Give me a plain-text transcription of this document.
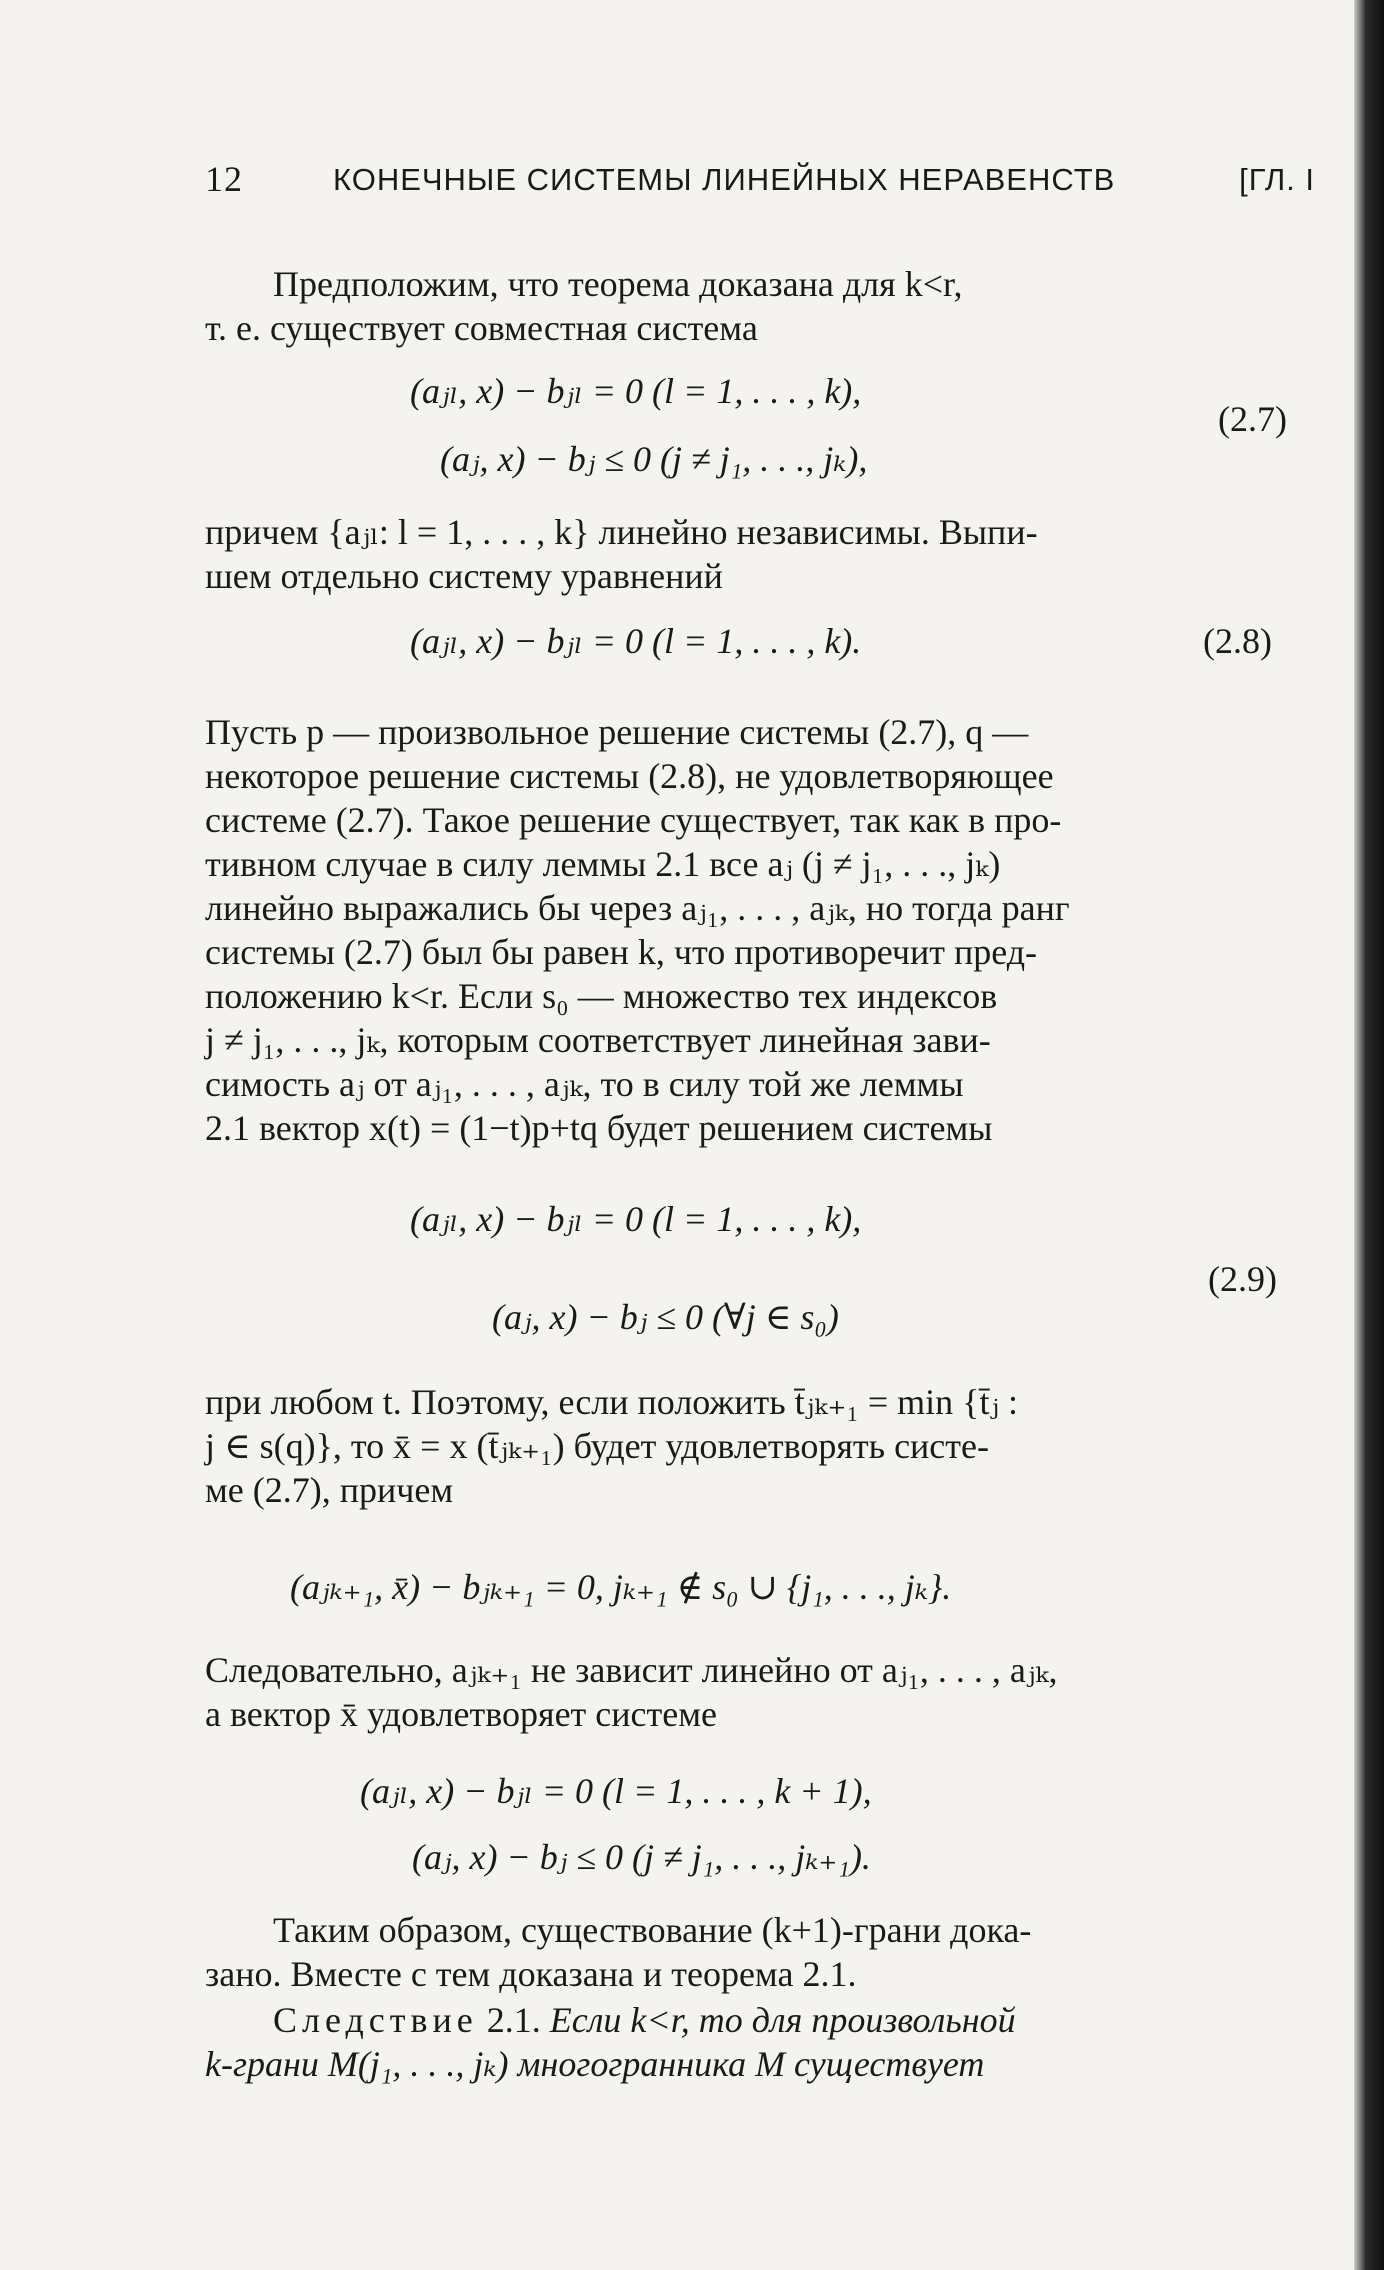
12	КОНЕЧНЫЕ СИСТЕМЫ ЛИНЕЙНЫХ НЕРАВЕНСТВ	[ГЛ. I
Предположим, что теорема доказана для k<r,
т. е. существует совместная система
(aⱼₗ, x) − bⱼₗ = 0 (l = 1, . . . , k),
(aⱼ, x) − bⱼ ≤ 0 (j ≠ j₁, . . ., jₖ),
(2.7)
причем {aⱼₗ: l = 1, . . . , k} линейно независимы. Выпи-
шем отдельно систему уравнений
(aⱼₗ, x) − bⱼₗ = 0 (l = 1, . . . , k).	(2.8)
Пусть p — произвольное решение системы (2.7), q —
некоторое решение системы (2.8), не удовлетворяющее
системе (2.7). Такое решение существует, так как в про-
тивном случае в силу леммы 2.1 все aⱼ (j ≠ j₁, . . ., jₖ)
линейно выражались бы через aⱼ₁, . . . , aⱼₖ, но тогда ранг
системы (2.7) был бы равен k, что противоречит пред-
положению k<r. Если s₀ — множество тех индексов
j ≠ j₁, . . ., jₖ, которым соответствует линейная зави-
симость aⱼ от aⱼ₁, . . . , aⱼₖ, то в силу той же леммы
2.1 вектор x(t) = (1−t)p+tq будет решением системы
(aⱼₗ, x) − bⱼₗ = 0 (l = 1, . . . , k),
(aⱼ, x) − bⱼ ≤ 0 (∀j ∈ s₀)
(2.9)
при любом t. Поэтому, если положить t̄ⱼₖ₊₁ = min {t̄ⱼ :
j ∈ s(q)}, то x̄ = x (t̄ⱼₖ₊₁) будет удовлетворять систе-
ме (2.7), причем
(aⱼₖ₊₁, x̄) − bⱼₖ₊₁ = 0, jₖ₊₁ ∉ s₀ ∪ {j₁, . . ., jₖ}.
Следовательно, aⱼₖ₊₁ не зависит линейно от aⱼ₁, . . . , aⱼₖ,
а вектор x̄ удовлетворяет системе
(aⱼₗ, x) − bⱼₗ = 0 (l = 1, . . . , k + 1),
(aⱼ, x) − bⱼ ≤ 0 (j ≠ j₁, . . ., jₖ₊₁).
Таким образом, существование (k+1)-грани дока-
зано. Вместе с тем доказана и теорема 2.1.
Следствие 2.1. Если k<r, то для произвольной
k-грани M(j₁, . . ., jₖ) многогранника M существует
